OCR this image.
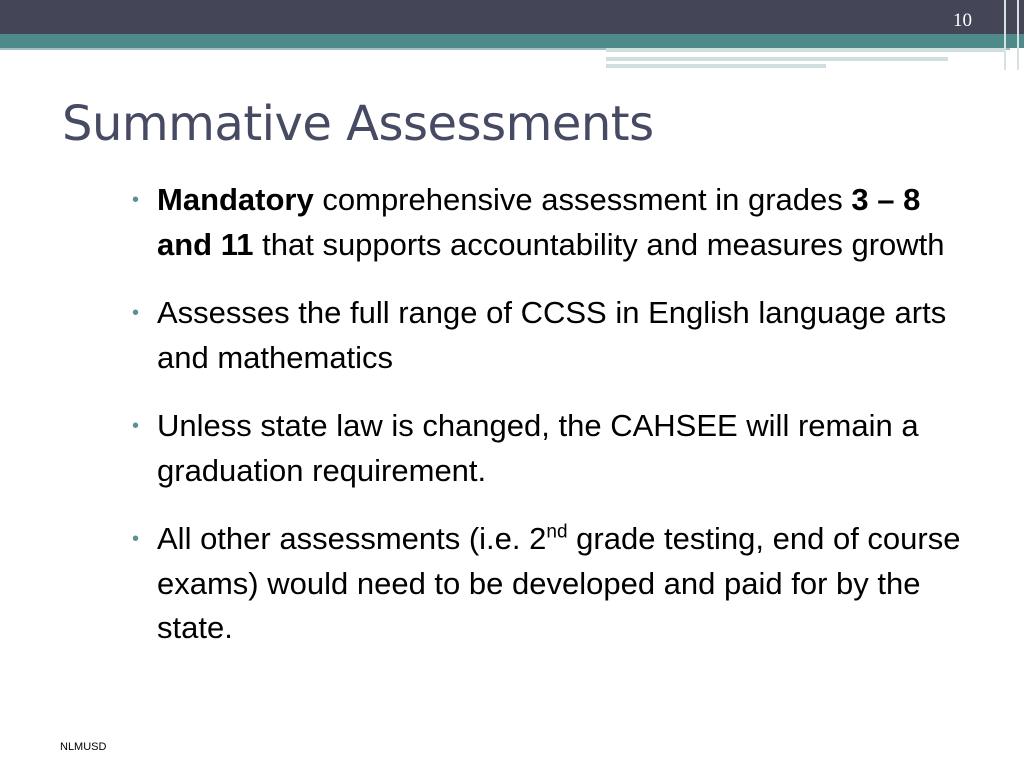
10
Summative Assessments
• Mandatory comprehensive assessment in grades 3 – 8 and 11 that supports accountability and measures growth
• Assesses the full range of CCSS in English language arts and mathematics
• Unless state law is changed, the CAHSEE will remain a graduation requirement.
• All other assessments (i.e. 2nd grade testing, end of course exams) would need to be developed and paid for by the state.
NLMUSD
